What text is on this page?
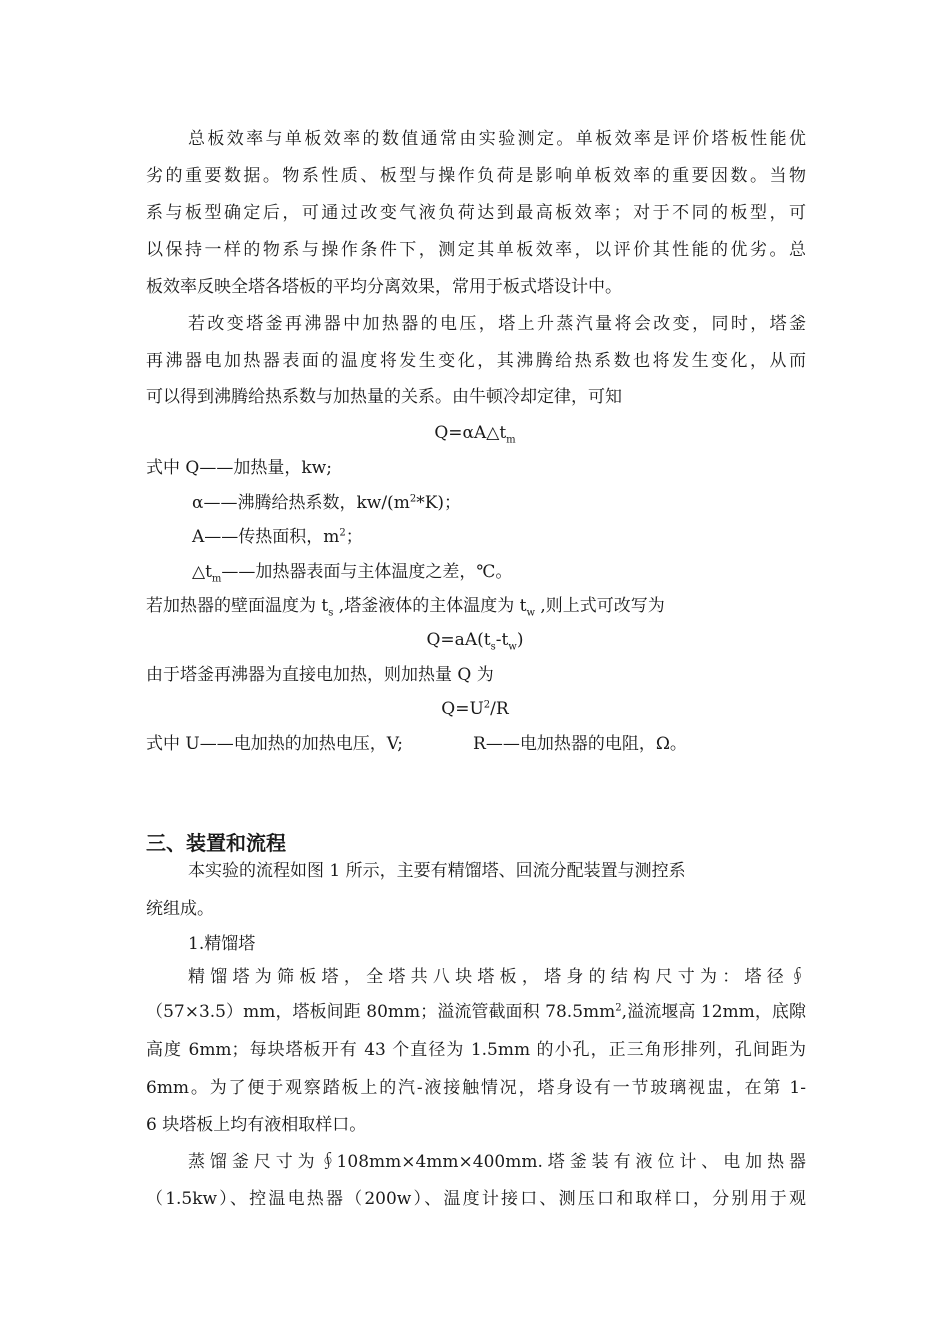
总板效率与单板效率的数值通常由实验测定。单板效率是评价塔板性能优
劣的重要数据。物系性质、板型与操作负荷是影响单板效率的重要因数。当物
系与板型确定后，可通过改变气液负荷达到最高板效率；对于不同的板型，可
以保持一样的物系与操作条件下，测定其单板效率，以评价其性能的优劣。总
板效率反映全塔各塔板的平均分离效果，常用于板式塔设计中。
若改变塔釜再沸器中加热器的电压，塔上升蒸汽量将会改变，同时，塔釜
再沸器电加热器表面的温度将发生变化，其沸腾给热系数也将发生变化，从而
可以得到沸腾给热系数与加热量的关系。由牛顿冷却定律，可知
$Q=\alpha A\triangle t_m$
式中 Q——加热量，kw;
α——沸腾给热系数，$kw/(m^2*K)$；
A——传热面积，$m^2$；
$\triangle t_m——$加热器表面与主体温度之差，℃。
若加热器的壁面温度为 $t_s$ ,塔釜液体的主体温度为 $t_w$ ,则上式可改写为
$Q=aA(t_s-t_w)$
由于塔釜再沸器为直接电加热，则加热量 Q 为
$Q=U^2/R$
式中 U——电加热的加热电压，V;	R——电加热器的电阻，Ω。
三、装置和流程
本实验的流程如图 1 所示，主要有精馏塔、回流分配装置与测控系
统组成。
1.精馏塔
精馏塔为筛板塔，全塔共八块塔板，塔身的结构尺寸为：塔径∮
（57×3.5）mm，塔板间距 80mm；溢流管截面积 $78.5mm^2$,溢流堰高 12mm，底隙
高度 6mm；每块塔板开有 43 个直径为 1.5mm 的小孔，正三角形排列，孔间距为
6mm。为了便于观察踏板上的汽-液接触情况，塔身设有一节玻璃视盅，在第 1-
6 块塔板上均有液相取样口。
蒸馏釜尺寸为∮108mm×4mm×400mm.塔釜装有液位计、电加热器
（1.5kw）、控温电热器（200w）、温度计接口、测压口和取样口，分别用于观
